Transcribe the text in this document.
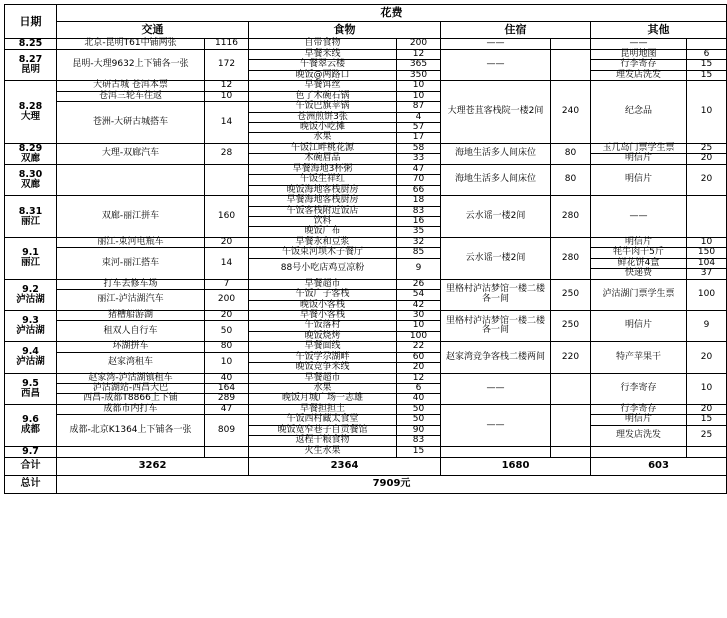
日期	花费							
	交通		食物		住宿		其他	

8.25	北京-昆明T61中铺两张	1116	自带食物	200	——		——	

8.27
昆明	昆明-大理9632上下铺各一张	172	早餐米线	12	——		昆明地图	6
			午餐翠云楼	365			行李寄存	15
			晚饭@两路口	350			理发店洗发	15

8.28
大理	大研古城 苍洱本票	12	早餐饵丝	10	大理苍苴客栈院一楼2间	240	纪念品	10
	苍洱三轮车往返	10	色了木碗石锅	10				
	苍洲-大研古城搭车	14	午饭巴旗苹锅	87				
			苍洲煎饼3张	4				
			晚饭小吃摊	57				
			水果	17				

8.29
双廊	大理-双廊汽车	28	午饭江畔桃花源	58	海地生活多人间床位	80	玉几岛门票学生票	25
			木碗眉品	33			明信片	20

8.30
双廊			早餐海地3杯粥	47	海地生活多人间床位	80	明信片	20
			午饭生祥红	70				
			晚饭海地客栈厨房	66				

8.31
丽江	双廊-丽江拼车	160	早餐海地客栈厨房	18	云水谣一楼2间	280	——	
			午饭客栈附近饭店	83				
			饮料	16				
			晚饭广布	35				

9.1
丽江	丽江-束河电瓶车	20	早餐永和豆浆	32	云水谣一楼2间	280	明信片	10
	束河-丽江搭车	14	午饭束河坝木子餐厅	85			牦牛肉干5斤	150
			88号小吃店鸡豆凉粉	9			鲜花饼4盒	104
							快递费	37

9.2
泸沽湖	打车去修车场	7	早餐超市	26	里格村泸沽梦馆一楼二楼各一间	250	泸沽湖门票学生票	100
	丽江-泸沽湖汽车	200	午饭广子客栈	54				
			晚饭小客栈	42				

9.3
泸沽湖	猪槽船游湖	20	早餐小客栈	30	里格村泸沽梦馆一楼二楼各一间	250	明信片	9
	租双人自行车	50	午饭落村	10				
			晚饭烧烤	100				

9.4
泸沽湖	环湖拼车	80	早餐面线	22	赵家湾竞争客栈二楼两间	220	特产苹果干	20
	赵家湾租车	10	午饭学尕湖畔	60				
			晚饭竞争米线	20				

9.5
西昌	赵家湾-泸沽湖镇租车	40	早餐超市	12	——		行李寄存	10
	泸沽湖站-西昌大巴	164	水果	6				
	西昌-成都T8866上下铺	289	晚饭月城广场一志雄	40				

9.6
成都	成都市内打车	47	早餐担担土	50	——		行李寄存	20
	成都-北京K1364上下铺各一张	809	午饭西村藏太食堂	50			明信片	15
			晚饭宽窄巷子自贡餐馆	90			理发店洗发	25
			返程干粮食物	83				

9.7			火生水果	15				
合计	3262		2364		1680		603	
总计	7909元							
